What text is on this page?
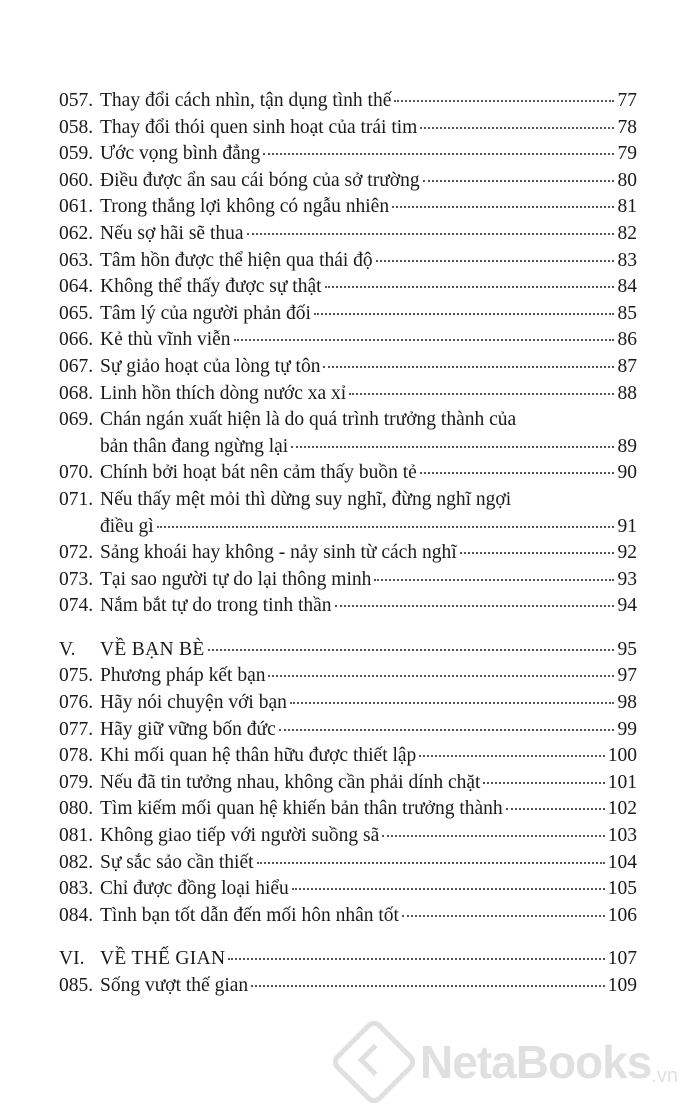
057. Thay đổi cách nhìn, tận dụng tình thế	77
058. Thay đổi thói quen sinh hoạt của trái tim	78
059. Ước vọng bình đẳng	79
060. Điều được ẩn sau cái bóng của sở trường	80
061. Trong thắng lợi không có ngẫu nhiên	81
062. Nếu sợ hãi sẽ thua	82
063. Tâm hồn được thể hiện qua thái độ	83
064. Không thể thấy được sự thật	84
065. Tâm lý của người phản đối	85
066. Kẻ thù vĩnh viễn	86
067. Sự giảo hoạt của lòng tự tôn	87
068. Linh hồn thích dòng nước xa xỉ	88
069. Chán ngán xuất hiện là do quá trình trưởng thành của
bản thân đang ngừng lại	89
070. Chính bởi hoạt bát nên cảm thấy buồn tẻ	90
071. Nếu thấy mệt mỏi thì dừng suy nghĩ, đừng nghĩ ngợi
điều gì	91
072. Sảng khoái hay không - nảy sinh từ cách nghĩ	92
073. Tại sao người tự do lại thông minh	93
074. Nắm bắt tự do trong tinh thần	94
V.	VỀ BẠN BÈ	95
075. Phương pháp kết bạn	97
076. Hãy nói chuyện với bạn	98
077. Hãy giữ vững bốn đức	99
078. Khi mối quan hệ thân hữu được thiết lập	100
079. Nếu đã tin tưởng nhau, không cần phải dính chặt	101
080. Tìm kiếm mối quan hệ khiến bản thân trưởng thành	102
081. Không giao tiếp với người suồng sã	103
082. Sự sắc sảo cần thiết	104
083. Chỉ được đồng loại hiểu	105
084. Tình bạn tốt dẫn đến mối hôn nhân tốt	106
VI. VỀ THẾ GIAN	107
085. Sống vượt thế gian	109
NetaBooks .vn
